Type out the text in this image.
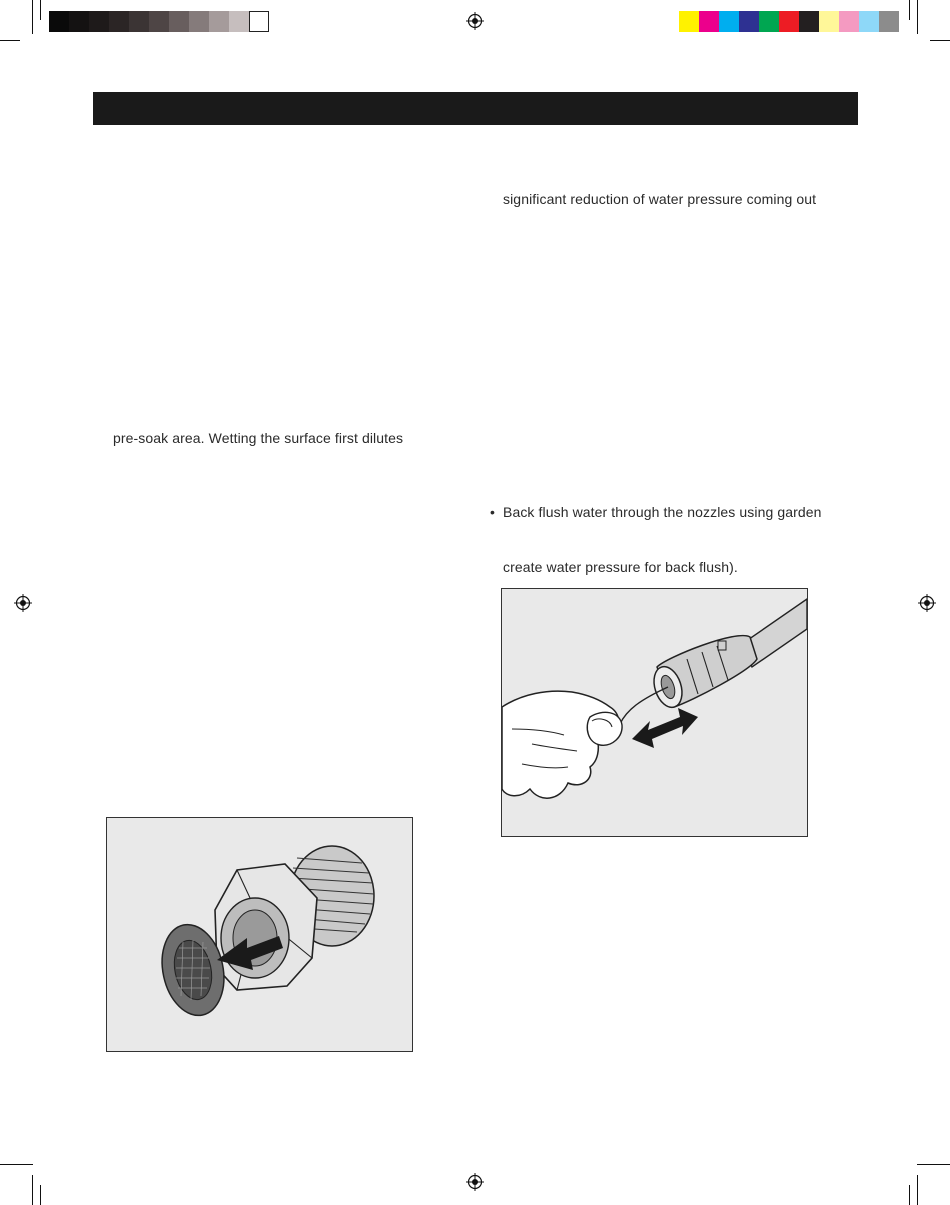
significant reduction of water pressure coming out
• Back flush water through the nozzles using garden
create water pressure for back flush).
pre-soak area. Wetting the surface first dilutes
